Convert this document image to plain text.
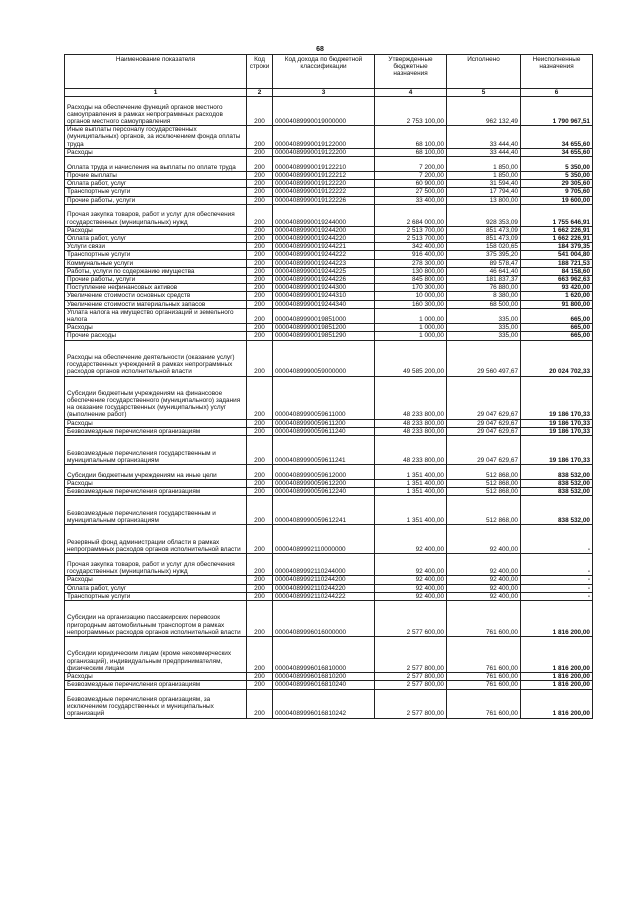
68
Наименование показателя	Код строки	Код дохода по бюджетной классификации	Утвержденные бюджетные назначения	Исполнено	Неисполненные назначения
1	2	3	4	5	6
Расходы на обеспечение функций органов местного самоуправления в рамках непрограммных расходов органов местного самоуправления	200	00004089990019000000	2 753 100,00	962 132,49	1 790 967,51
Иные выплаты персоналу государственных (муниципальных) органов, за исключением фонда оплаты труда	200	00004089990019122000	68 100,00	33 444,40	34 655,60
Расходы	200	00004089990019122200	68 100,00	33 444,40	34 655,60
Оплата труда и начисления на выплаты по оплате труда	200	00004089990019122210	7 200,00	1 850,00	5 350,00
Прочие выплаты	200	00004089990019122212	7 200,00	1 850,00	5 350,00
Оплата работ, услуг	200	00004089990019122220	60 900,00	31 594,40	29 305,60
Транспортные услуги	200	00004089990019122222	27 500,00	17 794,40	9 705,60
Прочие работы, услуги	200	00004089990019122226	33 400,00	13 800,00	19 600,00
Прочая закупка товаров, работ и услуг для обеспечения государственных (муниципальных) нужд	200	00004089990019244000	2 684 000,00	928 353,09	1 755 646,91
Расходы	200	00004089990019244200	2 513 700,00	851 473,09	1 662 226,91
Оплата работ, услуг	200	00004089990019244220	2 513 700,00	851 473,09	1 662 226,91
Услуги связи	200	00004089990019244221	342 400,00	158 020,65	184 379,35
Транспортные услуги	200	00004089990019244222	916 400,00	375 395,20	541 004,80
Коммунальные услуги	200	00004089990019244223	278 300,00	89 578,47	188 721,53
Работы, услуги по содержанию имущества	200	00004089990019244225	130 800,00	46 641,40	84 158,60
Прочие работы, услуги	200	00004089990019244226	845 800,00	181 837,37	663 962,63
Поступление нефинансовых активов	200	00004089990019244300	170 300,00	76 880,00	93 420,00
Увеличение стоимости основных средств	200	00004089990019244310	10 000,00	8 380,00	1 620,00
Увеличение стоимости материальных запасов	200	00004089990019244340	160 300,00	68 500,00	91 800,00
Уплата налога на имущество организаций и земельного налога	200	00004089990019851000	1 000,00	335,00	665,00
Расходы	200	00004089990019851200	1 000,00	335,00	665,00
Прочие расходы	200	00004089990019851290	1 000,00	335,00	665,00
Расходы на обеспечение деятельности (оказание услуг) государственных учреждений в рамках непрограммных расходов органов исполнительной власти	200	00004089990059000000	49 585 200,00	29 560 497,67	20 024 702,33
Субсидии бюджетным учреждениям на финансовое обеспечение государственного (муниципального) задания на оказание государственных (муниципальных) услуг (выполнение работ)	200	00004089990059611000	48 233 800,00	29 047 629,67	19 186 170,33
Расходы	200	00004089990059611200	48 233 800,00	29 047 629,67	19 186 170,33
Безвозмездные перечисления организациям	200	00004089990059611240	48 233 800,00	29 047 629,67	19 186 170,33
Безвозмездные перечисления государственным и муниципальным организациям	200	00004089990059611241	48 233 800,00	29 047 629,67	19 186 170,33
Субсидии бюджетным учреждениям на иные цели	200	00004089990059612000	1 351 400,00	512 868,00	838 532,00
Расходы	200	00004089990059612200	1 351 400,00	512 868,00	838 532,00
Безвозмездные перечисления организациям	200	00004089990059612240	1 351 400,00	512 868,00	838 532,00
Безвозмездные перечисления государственным и муниципальным организациям	200	00004089990059612241	1 351 400,00	512 868,00	838 532,00
Резервный фонд администрации области в рамках непрограммных расходов органов исполнительной власти	200	00004089992110000000	92 400,00	92 400,00	-
Прочая закупка товаров, работ и услуг для обеспечения государственных (муниципальных) нужд	200	00004089992110244000	92 400,00	92 400,00	-
Расходы	200	00004089992110244200	92 400,00	92 400,00	-
Оплата работ, услуг	200	00004089992110244220	92 400,00	92 400,00	-
Транспортные услуги	200	00004089992110244222	92 400,00	92 400,00	-
Субсидии на организацию пассажирских перевозок пригородным автомобильным транспортом в рамках непрограммных расходов органов исполнительной власти	200	00004089996016000000	2 577 600,00	761 600,00	1 816 200,00
Субсидии юридическим лицам (кроме некоммерческих организаций), индивидуальным предпринимателям, физическим лицам	200	00004089996016810000	2 577 800,00	761 600,00	1 816 200,00
Расходы	200	00004089996016810200	2 577 800,00	761 600,00	1 816 200,00
Безвозмездные перечисления организациям	200	00004089996016810240	2 577 800,00	761 600,00	1 816 200,00
Безвозмездные перечисления организациям, за исключением государственных и муниципальных организаций	200	00004089996016810242	2 577 800,00	761 600,00	1 816 200,00
